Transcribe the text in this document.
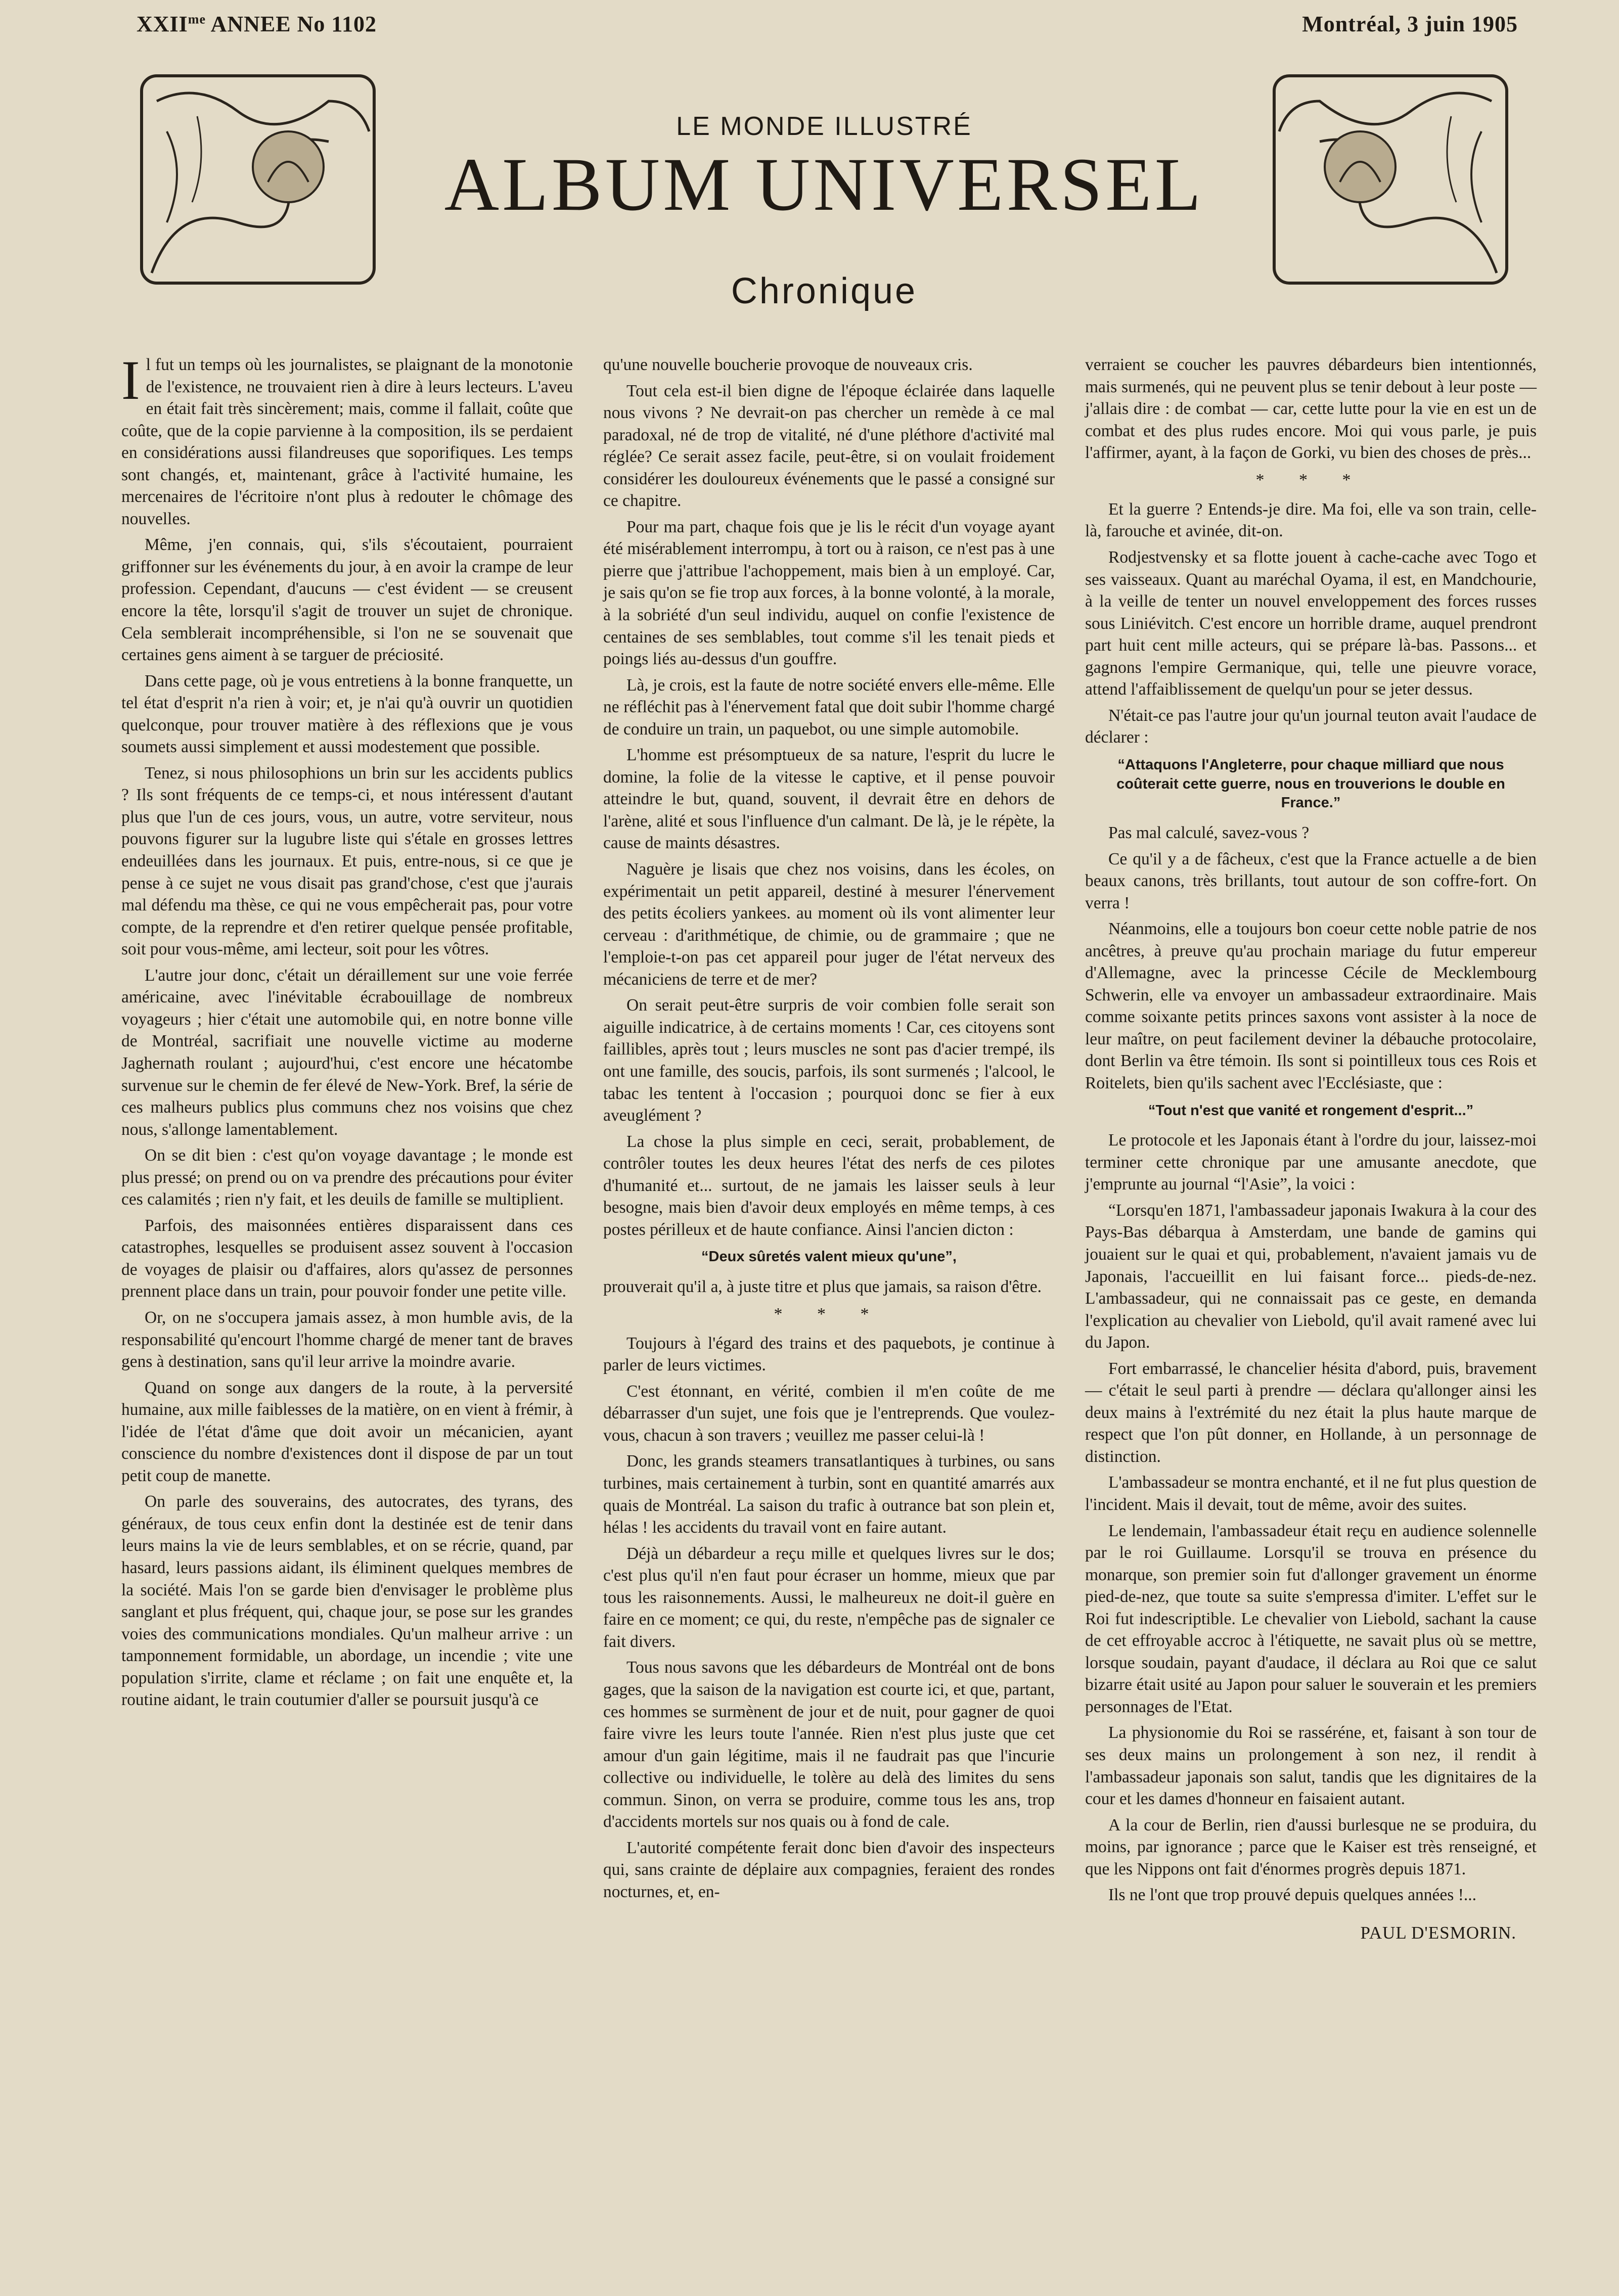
$XXII^{me}$ ANNEE No 1102	Montréal, 3 juin 1905
LE MONDE ILLUSTRÉ
ALBUM UNIVERSEL
Chronique

Il fut un temps où les journalistes, se plaignant de la monotonie de l'existence, ne trouvaient rien à dire à leurs lecteurs. L'aveu en était fait très sincèrement; mais, comme il fallait, coûte que coûte, que de la copie parvienne à la composition, ils se perdaient en considérations aussi filandreuses que soporifiques. Les temps sont changés, et, maintenant, grâce à l'activité humaine, les mercenaires de l'écritoire n'ont plus à redouter le chômage des nouvelles.

Même, j'en connais, qui, s'ils s'écoutaient, pourraient griffonner sur les événements du jour, à en avoir la crampe de leur profession. Cependant, d'aucuns — c'est évident — se creusent encore la tête, lorsqu'il s'agit de trouver un sujet de chronique. Cela semblerait incompréhensible, si l'on ne se souvenait que certaines gens aiment à se targuer de préciosité.

Dans cette page, où je vous entretiens à la bonne franquette, un tel état d'esprit n'a rien à voir; et, je n'ai qu'à ouvrir un quotidien quelconque, pour trouver matière à des réflexions que je vous soumets aussi simplement et aussi modestement que possible.

Tenez, si nous philosophions un brin sur les accidents publics ? Ils sont fréquents de ce temps-ci, et nous intéressent d'autant plus que l'un de ces jours, vous, un autre, votre serviteur, nous pouvons figurer sur la lugubre liste qui s'étale en grosses lettres endeuillées dans les journaux. Et puis, entre-nous, si ce que je pense à ce sujet ne vous disait pas grand'chose, c'est que j'aurais mal défendu ma thèse, ce qui ne vous empêcherait pas, pour votre compte, de la reprendre et d'en retirer quelque pensée profitable, soit pour vous-même, ami lecteur, soit pour les vôtres.

L'autre jour donc, c'était un déraillement sur une voie ferrée américaine, avec l'inévitable écrabouillage de nombreux voyageurs ; hier c'était une automobile qui, en notre bonne ville de Montréal, sacrifiait une nouvelle victime au moderne Jaghernath roulant ; aujourd'hui, c'est encore une hécatombe survenue sur le chemin de fer élevé de New-York. Bref, la série de ces malheurs publics plus communs chez nos voisins que chez nous, s'allonge lamentablement.

On se dit bien : c'est qu'on voyage davantage ; le monde est plus pressé; on prend ou on va prendre des précautions pour éviter ces calamités ; rien n'y fait, et les deuils de famille se multiplient.

Parfois, des maisonnées entières disparaissent dans ces catastrophes, lesquelles se produisent assez souvent à l'occasion de voyages de plaisir ou d'affaires, alors qu'assez de personnes prennent place dans un train, pour pouvoir fonder une petite ville.

Or, on ne s'occupera jamais assez, à mon humble avis, de la responsabilité qu'encourt l'homme chargé de mener tant de braves gens à destination, sans qu'il leur arrive la moindre avarie.

Quand on songe aux dangers de la route, à la perversité humaine, aux mille faiblesses de la matière, on en vient à frémir, à l'idée de l'état d'âme que doit avoir un mécanicien, ayant conscience du nombre d'existences dont il dispose de par un tout petit coup de manette.

On parle des souverains, des autocrates, des tyrans, des généraux, de tous ceux enfin dont la destinée est de tenir dans leurs mains la vie de leurs semblables, et on se récrie, quand, par hasard, leurs passions aidant, ils éliminent quelques membres de la société. Mais l'on se garde bien d'envisager le problème plus sanglant et plus fréquent, qui, chaque jour, se pose sur les grandes voies des communications mondiales. Qu'un malheur arrive : un tamponnement formidable, un abordage, un incendie ; vite une population s'irrite, clame et réclame ; on fait une enquête et, la routine aidant, le train coutumier d'aller se poursuit jusqu'à ce

qu'une nouvelle boucherie provoque de nouveaux cris.

Tout cela est-il bien digne de l'époque éclairée dans laquelle nous vivons ? Ne devrait-on pas chercher un remède à ce mal paradoxal, né de trop de vitalité, né d'une pléthore d'activité mal réglée? Ce serait assez facile, peut-être, si on voulait froidement considérer les douloureux événements que le passé a consigné sur ce chapitre.

Pour ma part, chaque fois que je lis le récit d'un voyage ayant été misérablement interrompu, à tort ou à raison, ce n'est pas à une pierre que j'attribue l'achoppement, mais bien à un employé. Car, je sais qu'on se fie trop aux forces, à la bonne volonté, à la morale, à la sobriété d'un seul individu, auquel on confie l'existence de centaines de ses semblables, tout comme s'il les tenait pieds et poings liés au-dessus d'un gouffre.

Là, je crois, est la faute de notre société envers elle-même. Elle ne réfléchit pas à l'énervement fatal que doit subir l'homme chargé de conduire un train, un paquebot, ou une simple automobile.

L'homme est présomptueux de sa nature, l'esprit du lucre le domine, la folie de la vitesse le captive, et il pense pouvoir atteindre le but, quand, souvent, il devrait être en dehors de l'arène, alité et sous l'influence d'un calmant. De là, je le répète, la cause de maints désastres.

Naguère je lisais que chez nos voisins, dans les écoles, on expérimentait un petit appareil, destiné à mesurer l'énervement des petits écoliers yankees. au moment où ils vont alimenter leur cerveau : d'arithmétique, de chimie, ou de grammaire ; que ne l'emploie-t-on pas cet appareil pour juger de l'état nerveux des mécaniciens de terre et de mer?

On serait peut-être surpris de voir combien folle serait son aiguille indicatrice, à de certains moments ! Car, ces citoyens sont faillibles, après tout ; leurs muscles ne sont pas d'acier trempé, ils ont une famille, des soucis, parfois, ils sont surmenés ; l'alcool, le tabac les tentent à l'occasion ; pourquoi donc se fier à eux aveuglément ?

La chose la plus simple en ceci, serait, probablement, de contrôler toutes les deux heures l'état des nerfs de ces pilotes d'humanité et... surtout, de ne jamais les laisser seuls à leur besogne, mais bien d'avoir deux employés en même temps, à ces postes périlleux et de haute confiance. Ainsi l'ancien dicton :

“Deux sûretés valent mieux qu'une”,

prouverait qu'il a, à juste titre et plus que jamais, sa raison d'être.

* * *

Toujours à l'égard des trains et des paquebots, je continue à parler de leurs victimes.

C'est étonnant, en vérité, combien il m'en coûte de me débarrasser d'un sujet, une fois que je l'entreprends. Que voulez-vous, chacun à son travers ; veuillez me passer celui-là !

Donc, les grands steamers transatlantiques à turbines, ou sans turbines, mais certainement à turbin, sont en quantité amarrés aux quais de Montréal. La saison du trafic à outrance bat son plein et, hélas ! les accidents du travail vont en faire autant.

Déjà un débardeur a reçu mille et quelques livres sur le dos; c'est plus qu'il n'en faut pour écraser un homme, mieux que par tous les raisonnements. Aussi, le malheureux ne doit-il guère en faire en ce moment; ce qui, du reste, n'empêche pas de signaler ce fait divers.

Tous nous savons que les débardeurs de Montréal ont de bons gages, que la saison de la navigation est courte ici, et que, partant, ces hommes se surmènent de jour et de nuit, pour gagner de quoi faire vivre les leurs toute l'année. Rien n'est plus juste que cet amour d'un gain légitime, mais il ne faudrait pas que l'incurie collective ou individuelle, le tolère au delà des limites du sens commun. Sinon, on verra se produire, comme tous les ans, trop d'accidents mortels sur nos quais ou à fond de cale.

L'autorité compétente ferait donc bien d'avoir des inspecteurs qui, sans crainte de déplaire aux compagnies, feraient des rondes nocturnes, et, en-

verraient se coucher les pauvres débardeurs bien intentionnés, mais surmenés, qui ne peuvent plus se tenir debout à leur poste — j'allais dire : de combat — car, cette lutte pour la vie en est un de combat et des plus rudes encore. Moi qui vous parle, je puis l'affirmer, ayant, à la façon de Gorki, vu bien des choses de près...

* * *

Et la guerre ? Entends-je dire. Ma foi, elle va son train, celle-là, farouche et avinée, dit-on.

Rodjestvensky et sa flotte jouent à cache-cache avec Togo et ses vaisseaux. Quant au maréchal Oyama, il est, en Mandchourie, à la veille de tenter un nouvel enveloppement des forces russes sous Liniévitch. C'est encore un horrible drame, auquel prendront part huit cent mille acteurs, qui se prépare là-bas. Passons... et gagnons l'empire Germanique, qui, telle une pieuvre vorace, attend l'affaiblissement de quelqu'un pour se jeter dessus.

N'était-ce pas l'autre jour qu'un journal teuton avait l'audace de déclarer :

“Attaquons l'Angleterre, pour chaque milliard que nous coûterait cette guerre, nous en trouverions le double en France.”

Pas mal calculé, savez-vous ?

Ce qu'il y a de fâcheux, c'est que la France actuelle a de bien beaux canons, très brillants, tout autour de son coffre-fort. On verra !

Néanmoins, elle a toujours bon coeur cette noble patrie de nos ancêtres, à preuve qu'au prochain mariage du futur empereur d'Allemagne, avec la princesse Cécile de Mecklembourg Schwerin, elle va envoyer un ambassadeur extraordinaire. Mais comme soixante petits princes saxons vont assister à la noce de leur maître, on peut facilement deviner la débauche protocolaire, dont Berlin va être témoin. Ils sont si pointilleux tous ces Rois et Roitelets, bien qu'ils sachent avec l'Ecclésiaste, que :

“Tout n'est que vanité et rongement d'esprit...”

Le protocole et les Japonais étant à l'ordre du jour, laissez-moi terminer cette chronique par une amusante anecdote, que j'emprunte au journal “l'Asie”, la voici :

“Lorsqu'en 1871, l'ambassadeur japonais Iwakura à la cour des Pays-Bas débarqua à Amsterdam, une bande de gamins qui jouaient sur le quai et qui, probablement, n'avaient jamais vu de Japonais, l'accueillit en lui faisant force... pieds-de-nez. L'ambassadeur, qui ne connaissait pas ce geste, en demanda l'explication au chevalier von Liebold, qu'il avait ramené avec lui du Japon.

Fort embarrassé, le chancelier hésita d'abord, puis, bravement — c'était le seul parti à prendre — déclara qu'allonger ainsi les deux mains à l'extrémité du nez était la plus haute marque de respect que l'on pût donner, en Hollande, à un personnage de distinction.

L'ambassadeur se montra enchanté, et il ne fut plus question de l'incident. Mais il devait, tout de même, avoir des suites.

Le lendemain, l'ambassadeur était reçu en audience solennelle par le roi Guillaume. Lorsqu'il se trouva en présence du monarque, son premier soin fut d'allonger gravement un énorme pied-de-nez, que toute sa suite s'empressa d'imiter. L'effet sur le Roi fut indescriptible. Le chevalier von Liebold, sachant la cause de cet effroyable accroc à l'étiquette, ne savait plus où se mettre, lorsque soudain, payant d'audace, il déclara au Roi que ce salut bizarre était usité au Japon pour saluer le souverain et les premiers personnages de l'Etat.

La physionomie du Roi se rasséréne, et, faisant à son tour de ses deux mains un prolongement à son nez, il rendit à l'ambassadeur japonais son salut, tandis que les dignitaires de la cour et les dames d'honneur en faisaient autant.

A la cour de Berlin, rien d'aussi burlesque ne se produira, du moins, par ignorance ; parce que le Kaiser est très renseigné, et que les Nippons ont fait d'énormes progrès depuis 1871.

Ils ne l'ont que trop prouvé depuis quelques années !...

PAUL D'ESMORIN.
